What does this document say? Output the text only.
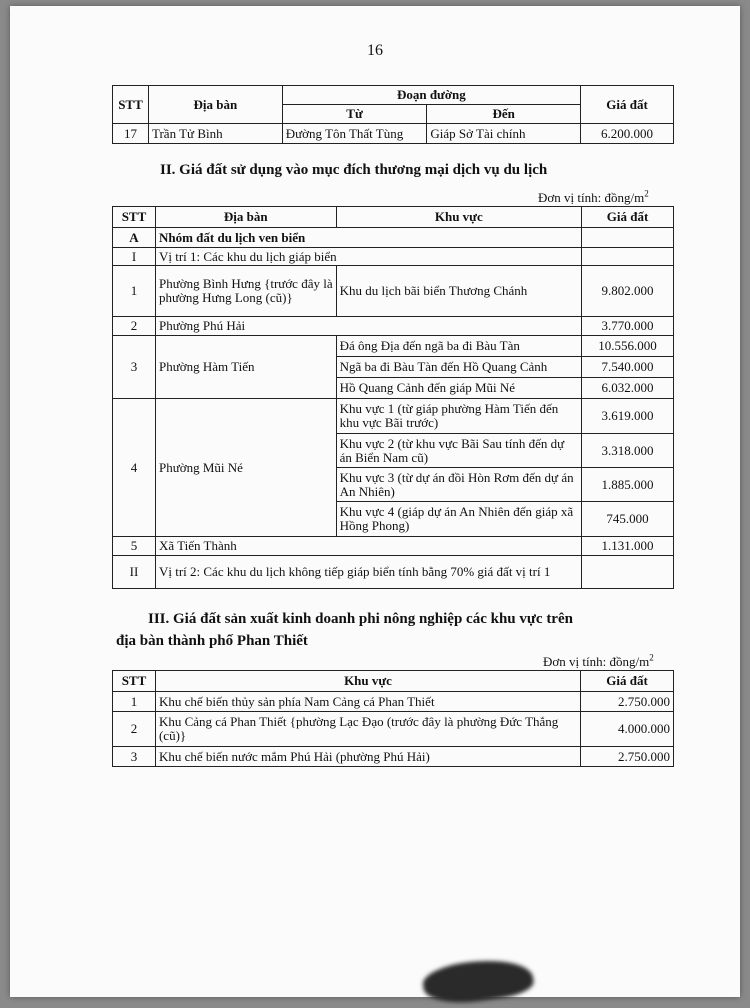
16
STT	Địa bàn	Đoạn đường		Giá đất
		Từ	Đến	
17	Trần Tử Bình	Đường Tôn Thất Tùng	Giáp Sở Tài chính	6.200.000
II. Giá đất sử dụng vào mục đích thương mại dịch vụ du lịch
Đơn vị tính: đồng/$m^2$
STT	Địa bàn	Khu vực	Giá đất
A	Nhóm đất du lịch ven biển		
I	Vị trí 1: Các khu du lịch giáp biển		
1	Phường Bình Hưng {trước đây là phường Hưng Long (cũ)}	Khu du lịch bãi biển Thương Chánh	9.802.000
2	Phường Phú Hải		3.770.000
3	Phường Hàm Tiến	Đá ông Địa đến ngã ba đi Bàu Tàn	10.556.000
		Ngã ba đi Bàu Tàn đến Hồ Quang Cảnh	7.540.000
		Hồ Quang Cảnh đến giáp Mũi Né	6.032.000
4	Phường Mũi Né	Khu vực 1 (từ giáp phường Hàm Tiến đến khu vực Bãi trước)	3.619.000
		Khu vực 2 (từ khu vực Bãi Sau tính đến dự án Biển Nam cũ)	3.318.000
		Khu vực 3 (từ dự án đồi Hòn Rơm đến dự án An Nhiên)	1.885.000
		Khu vực 4 (giáp dự án An Nhiên đến giáp xã Hồng Phong)	745.000
5	Xã Tiến Thành		1.131.000
II	Vị trí 2: Các khu du lịch không tiếp giáp biển tính bằng 70% giá đất vị trí 1		
III. Giá đất sản xuất kinh doanh phi nông nghiệp các khu vực trên
địa bàn thành phố Phan Thiết
Đơn vị tính: đồng/$m^2$
STT	Khu vực	Giá đất
1	Khu chế biến thủy sản phía Nam Cảng cá Phan Thiết	2.750.000
2	Khu Cảng cá Phan Thiết {phường Lạc Đạo (trước đây là phường Đức Thắng (cũ)}	4.000.000
3	Khu chế biến nước mắm Phú Hải (phường Phú Hải)	2.750.000
